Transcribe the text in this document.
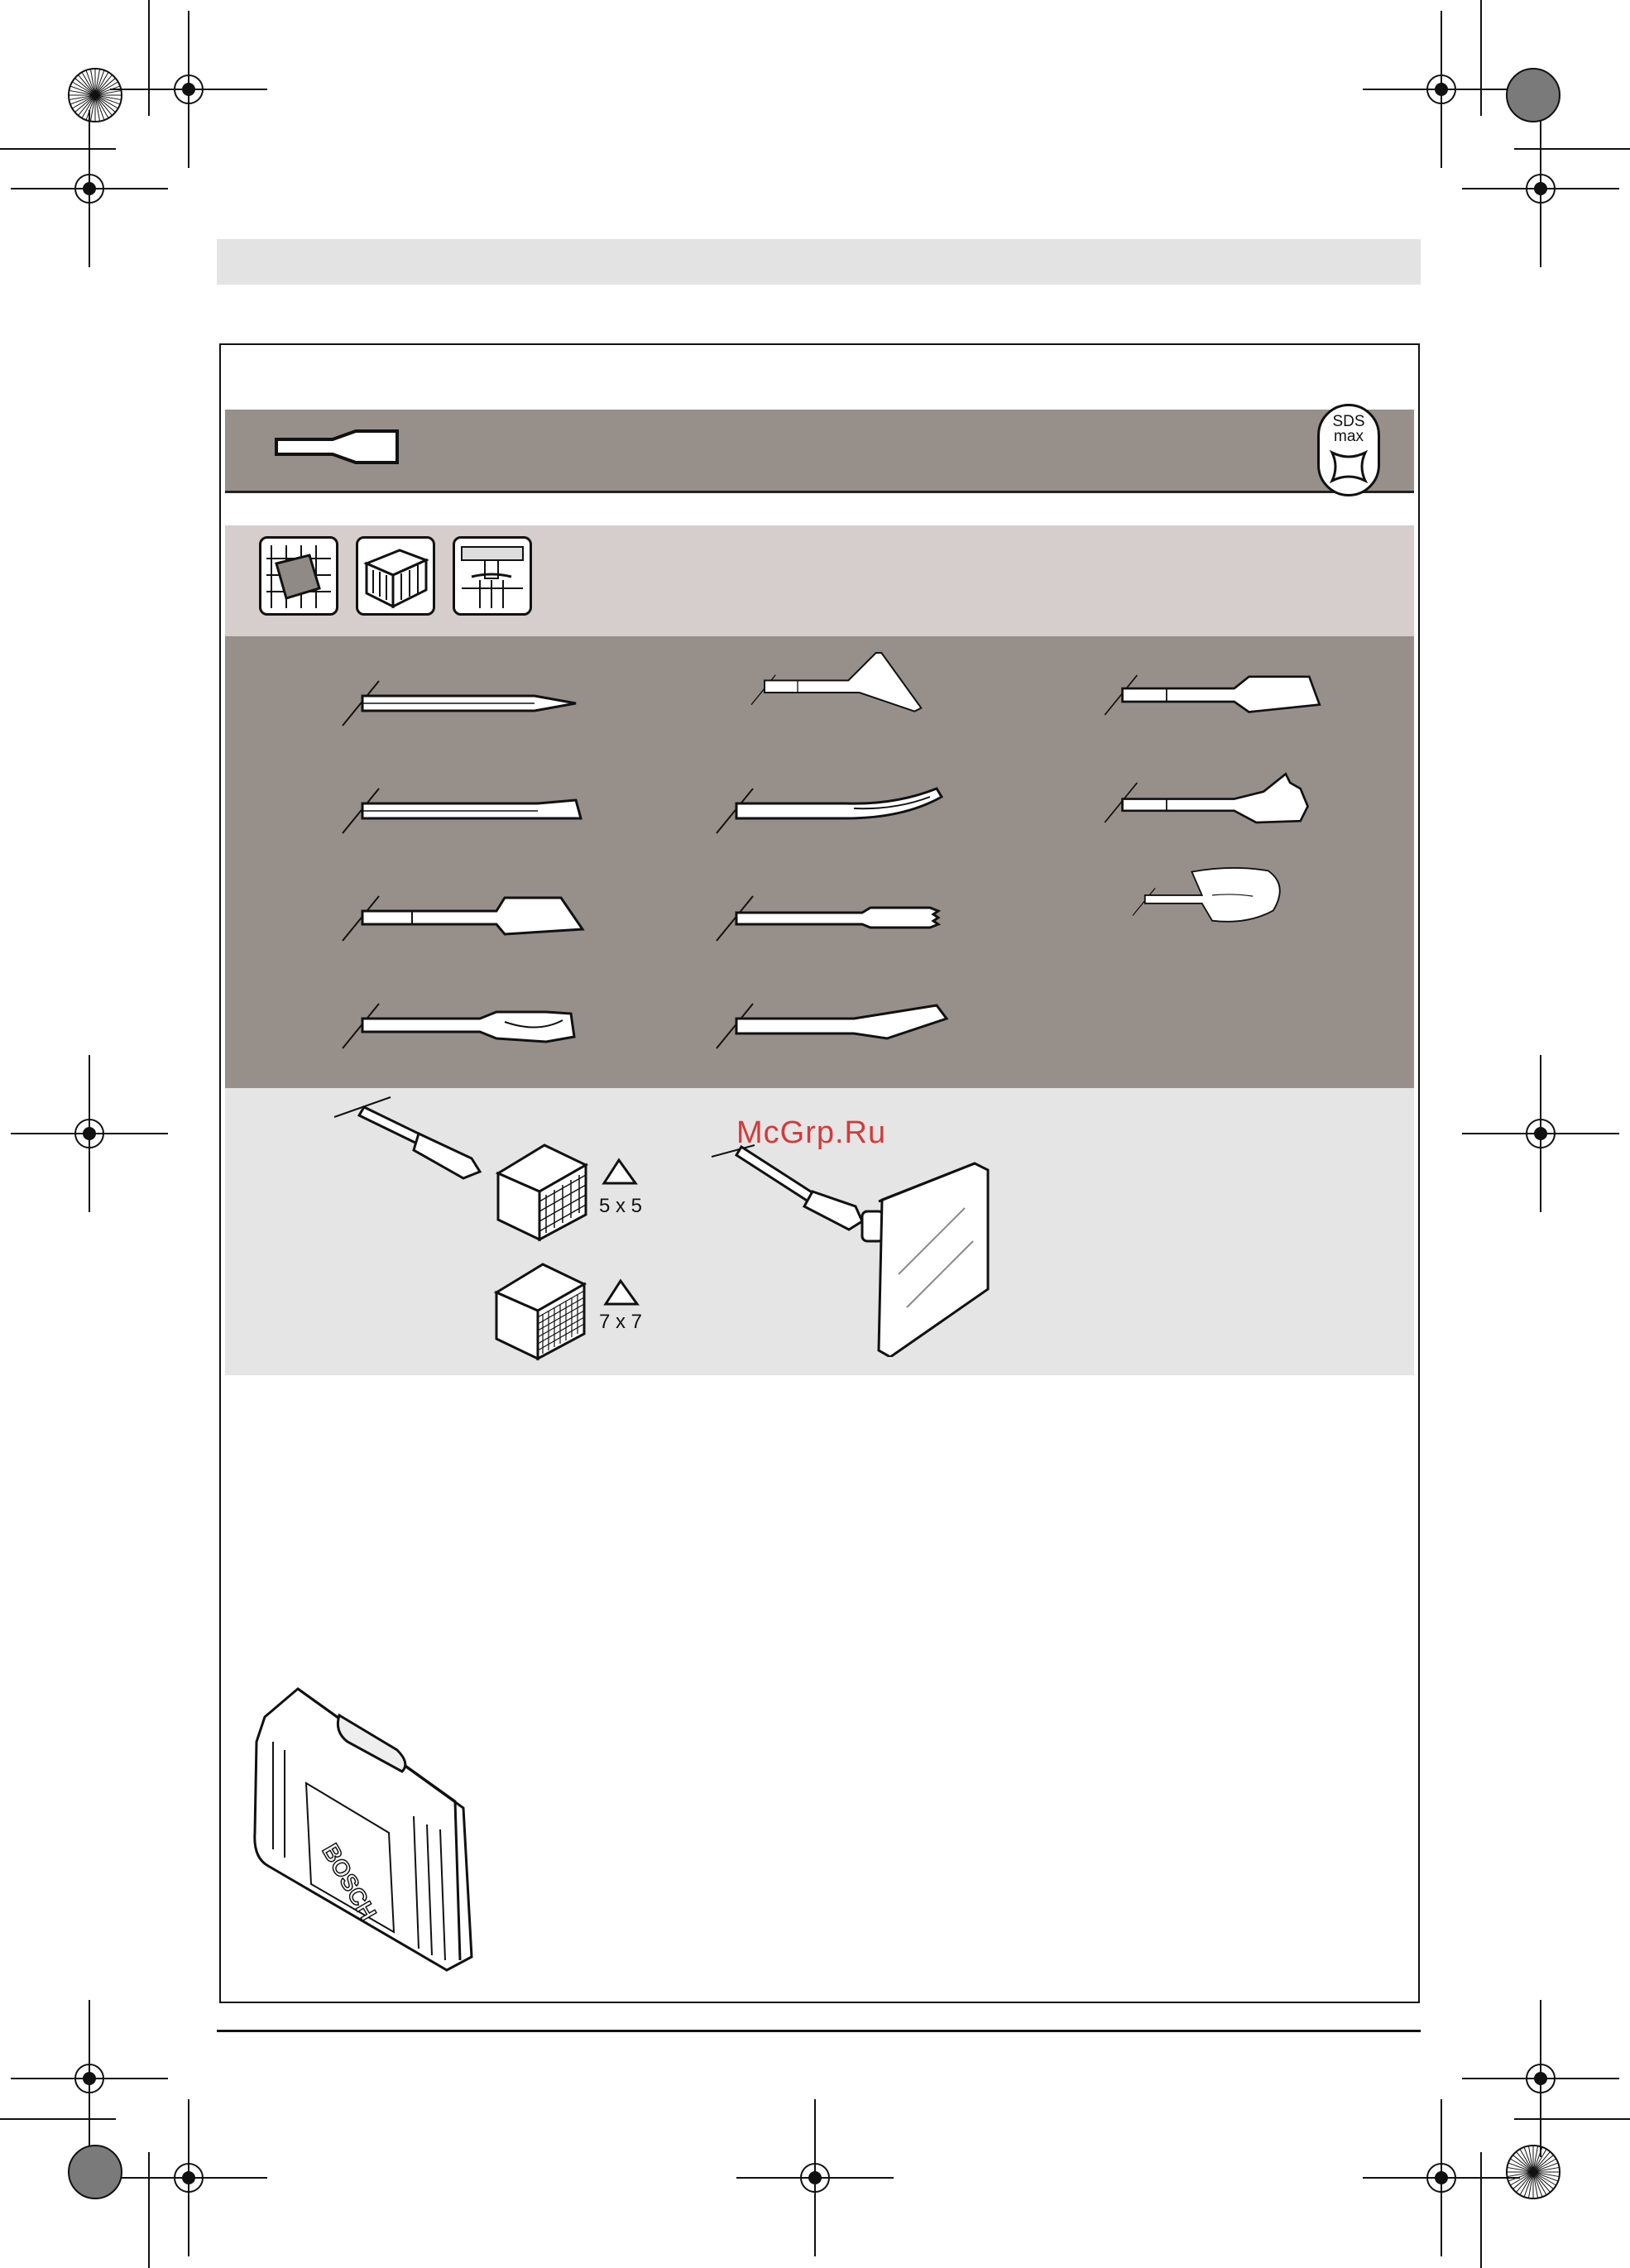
SDS
max
5 x 5
7 x 7
McGrp.Ru
BOSCH
